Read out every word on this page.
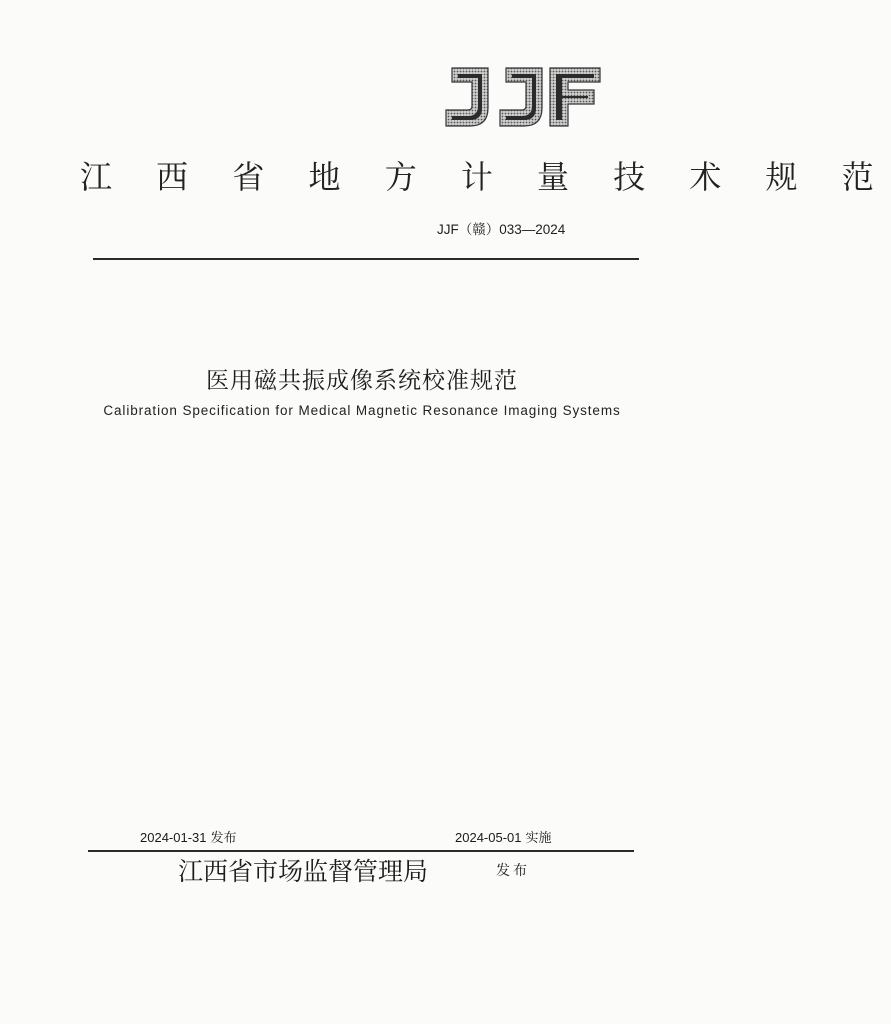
江 西 省 地 方 计 量 技 术 规 范
JJF（赣）033—2024
医用磁共振成像系统校准规范
Calibration Specification for Medical Magnetic Resonance Imaging Systems
2024-01-31 发布	2024-05-01 实施
江西省市场监督管理局	发布
